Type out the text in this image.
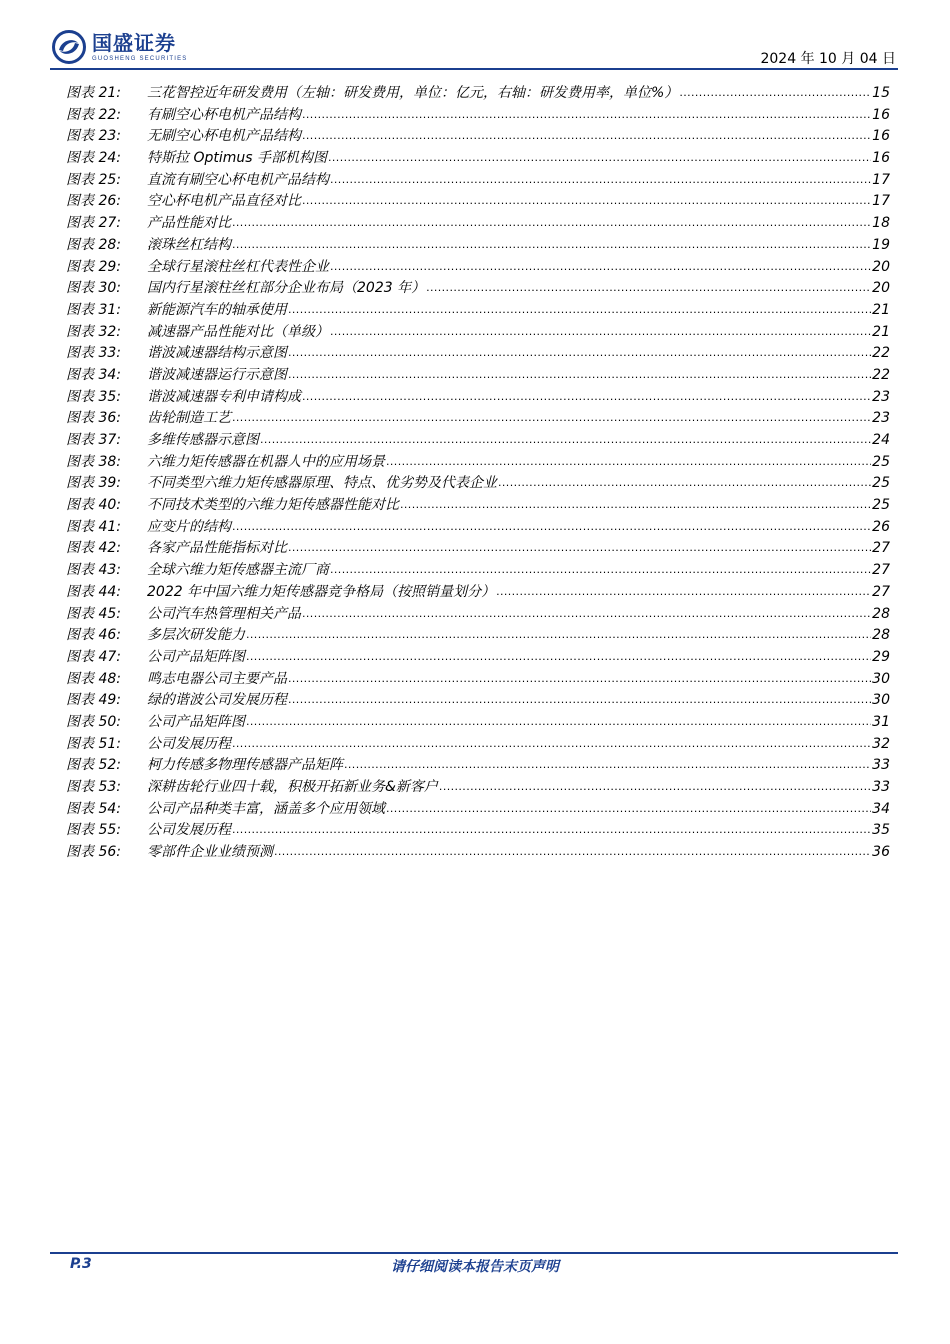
国盛证券
GUOSHENG SECURITIES	2024 年 10 月 04 日
图表 21:	三花智控近年研发费用（左轴：研发费用，单位：亿元，右轴：研发费用率，单位%） .....	15
图表 22:	有刷空心杯电机产品结构 .....	16
图表 23:	无刷空心杯电机产品结构 .....	16
图表 24:	特斯拉 Optimus 手部机构图 .....	16
图表 25:	直流有刷空心杯电机产品结构 .....	17
图表 26:	空心杯电机产品直径对比 .....	17
图表 27:	产品性能对比 .....	18
图表 28:	滚珠丝杠结构 .....	19
图表 29:	全球行星滚柱丝杠代表性企业 .....	20
图表 30:	国内行星滚柱丝杠部分企业布局（2023 年） .....	20
图表 31:	新能源汽车的轴承使用 .....	21
图表 32:	减速器产品性能对比（单级） .....	21
图表 33:	谐波减速器结构示意图 .....	22
图表 34:	谐波减速器运行示意图 .....	22
图表 35:	谐波减速器专利申请构成 .....	23
图表 36:	齿轮制造工艺 .....	23
图表 37:	多维传感器示意图 .....	24
图表 38:	六维力矩传感器在机器人中的应用场景 .....	25
图表 39:	不同类型六维力矩传感器原理、特点、优劣势及代表企业 .....	25
图表 40:	不同技术类型的六维力矩传感器性能对比 .....	25
图表 41:	应变片的结构 .....	26
图表 42:	各家产品性能指标对比 .....	27
图表 43:	全球六维力矩传感器主流厂商 .....	27
图表 44:	2022 年中国六维力矩传感器竞争格局（按照销量划分） .....	27
图表 45:	公司汽车热管理相关产品 .....	28
图表 46:	多层次研发能力 .....	28
图表 47:	公司产品矩阵图 .....	29
图表 48:	鸣志电器公司主要产品 .....	30
图表 49:	绿的谐波公司发展历程 .....	30
图表 50:	公司产品矩阵图 .....	31
图表 51:	公司发展历程 .....	32
图表 52:	柯力传感多物理传感器产品矩阵 .....	33
图表 53:	深耕齿轮行业四十载，积极开拓新业务&新客户 .....	33
图表 54:	公司产品种类丰富，涵盖多个应用领域 .....	34
图表 55:	公司发展历程 .....	35
图表 56:	零部件企业业绩预测 .....	36
P.3	请仔细阅读本报告末页声明
